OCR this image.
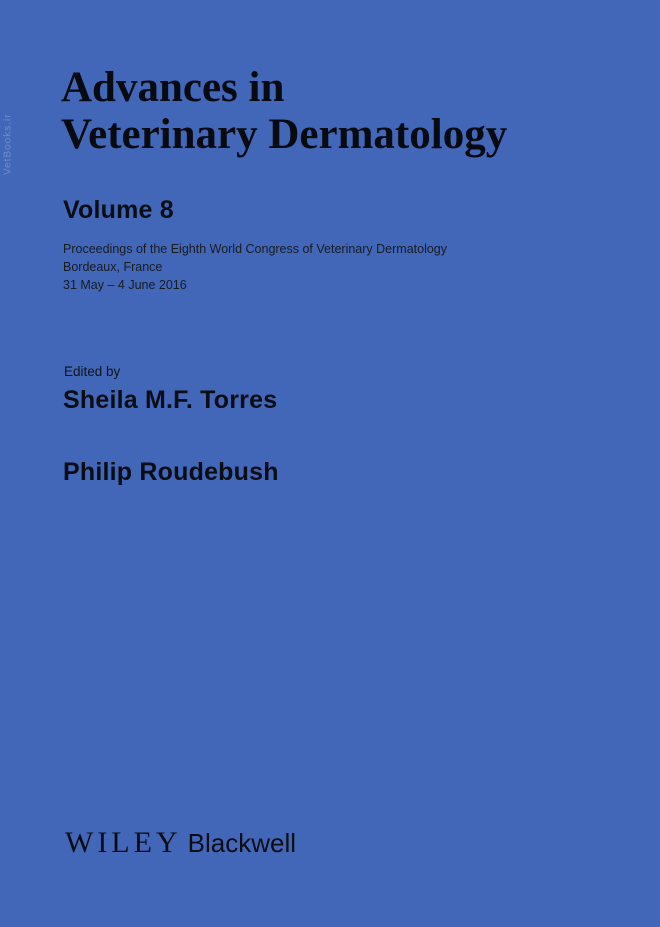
VetBooks.ir
Advances in
Veterinary Dermatology
Volume 8
Proceedings of the Eighth World Congress of Veterinary Dermatology
Bordeaux, France
31 May – 4 June 2016
Edited by
Sheila M.F. Torres
Philip Roudebush
WILEY Blackwell
